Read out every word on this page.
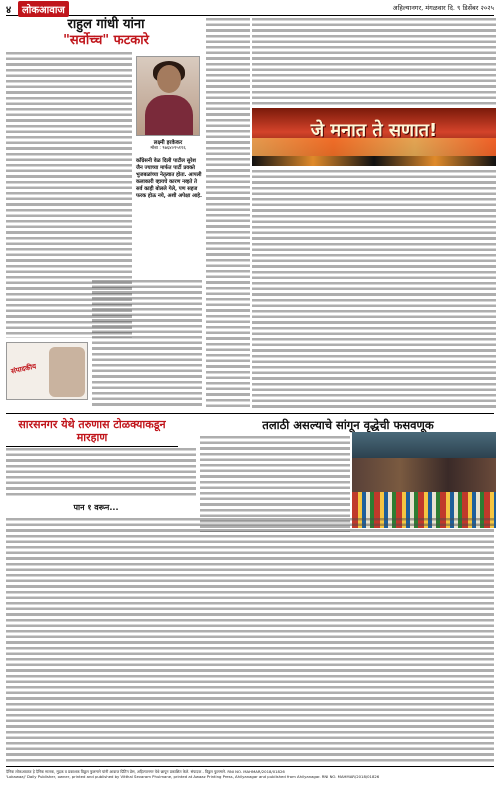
४	लोकआवाज	अहिल्यानगर, मंगळवार दि. ९ डिसेंबर २०२५
राहुल गांधी यांना
"सर्वोच्च" फटकारे
लक्ष्मी इरकेकर
मोबा : ९७६४०९५११६
काँग्रेसनी वेळ दिली पाटील सुरेश जैन ज्याच्या मार्फत पार्टी प्रवक्ते भुजबळांच्या नेतृत्वात होता. आपली कलाकारी व्हायचे कारण नव्हते ते सर्व काही बोलले गेले, पण सहज फरक होऊ नये, अशी अपेक्षा आहे.
संपादकीय
जे मनात ते सणात!
सारसनगर येथे तरुणास टोळक्याकडून मारहाण
तलाठी असल्याचे सांगून वृद्धेची फसवणूक
पान १ वरून...
दैनिक लोकआवाज हे दैनिक मालक, मुद्रक व प्रकाशक विठ्ठल फुलमाने यांनी आवाज प्रिंटिंग प्रेस, अहिल्यानगर येथे छापून प्रकाशित केले. संपादक - विठ्ठल फुलमाने. RNI NO. MAHMAR/2018/01826
'Lokawaaj' Daily Publisher, owner, printed and published by Vitthal Sevaram Phulmane, printed at Awaaz Printing Press, Ahilyanagar and published from Ahilyanagar. RNI NO. MAHMAR/2018/01826
